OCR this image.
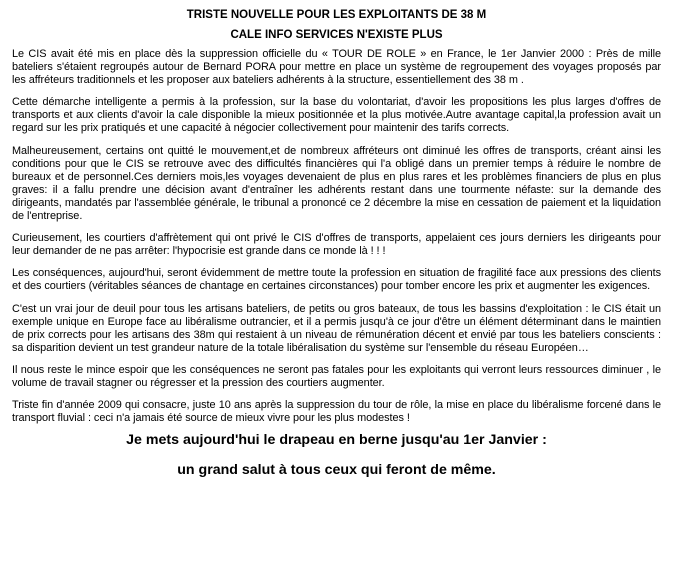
TRISTE NOUVELLE POUR LES EXPLOITANTS DE 38 M
CALE INFO SERVICES N'EXISTE PLUS

Le CIS avait été mis en place dès la suppression officielle du « TOUR DE ROLE » en France, le 1er Janvier 2000 : Près de mille bateliers s'étaient regroupés autour de Bernard PORA pour mettre en place un système de regroupement des voyages proposés par les affréteurs traditionnels et les proposer aux bateliers adhérents à la structure, essentiellement des 38 m .

Cette démarche intelligente a permis à la profession, sur la base du volontariat, d'avoir les propositions les plus larges d'offres de transports et aux clients d'avoir la cale disponible la mieux positionnée et la plus motivée.Autre avantage capital,la profession avait un regard sur les prix pratiqués et une capacité à négocier collectivement pour maintenir des tarifs corrects.

Malheureusement, certains ont quitté le mouvement,et de nombreux affréteurs ont diminué les offres de transports, créant ainsi les conditions pour que le CIS se retrouve avec des difficultés financières qui l'a obligé dans un premier temps à réduire le nombre de bureaux et de personnel.Ces derniers mois,les voyages devenaient de plus en plus rares et les problèmes financiers de plus en plus graves: il a fallu prendre une décision avant d'entraîner les adhérents restant dans une tourmente néfaste: sur la demande des dirigeants, mandatés par l'assemblée générale, le tribunal a prononcé ce 2 décembre la mise en cessation de paiement et la liquidation de l'entreprise.

Curieusement, les courtiers d'affrètement qui ont privé le CIS d'offres de transports, appelaient ces jours derniers les dirigeants pour leur demander de ne pas arrêter: l'hypocrisie est grande dans ce monde là ! ! !

Les conséquences, aujourd'hui, seront évidemment de mettre toute la profession en situation de fragilité face aux pressions des clients et des courtiers (véritables séances de chantage en certaines circonstances) pour tomber encore les prix et augmenter les exigences.

C'est un vrai jour de deuil pour tous les artisans bateliers, de petits ou gros bateaux, de tous les bassins d'exploitation : le CIS était un exemple unique en Europe face au libéralisme outrancier, et il a permis jusqu'à ce jour d'être un élément déterminant dans le maintien de prix corrects pour les artisans des 38m qui restaient à un niveau de rémunération décent et envié par tous les bateliers conscients : sa disparition devient un test grandeur nature de la totale libéralisation du système sur l'ensemble du réseau Européen…

Il nous reste le mince espoir que les conséquences ne seront pas fatales pour les exploitants qui verront leurs ressources diminuer , le volume de travail stagner ou régresser et la pression des courtiers augmenter.

Triste fin d'année 2009 qui consacre, juste 10 ans après la suppression du tour de rôle, la mise en place du libéralisme forcené dans le transport fluvial : ceci n'a jamais été source de mieux vivre pour les plus modestes !

Je mets aujourd'hui le drapeau en berne jusqu'au 1er Janvier :

un grand salut à tous ceux qui feront de même.
